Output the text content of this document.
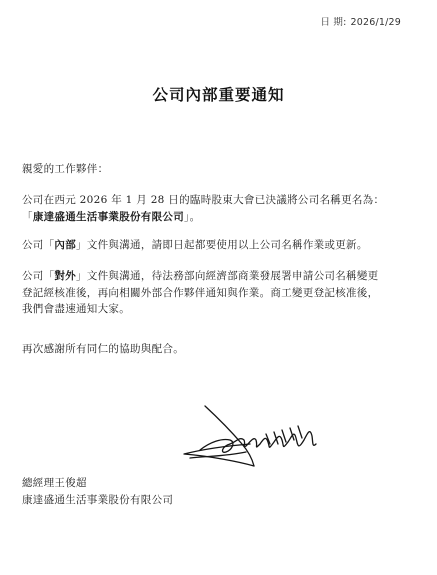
日 期: 2026/1/29
公司內部重要通知
親愛的工作夥伴：
公司在西元 2026 年 1 月 28 日的臨時股東大會已決議將公司名稱更名為：
「康達盛通生活事業股份有限公司」。
公司「內部」文件與溝通，請即日起都要使用以上公司名稱作業或更新。
公司「對外」文件與溝通，待法務部向經濟部商業發展署申請公司名稱變更
登記經核准後，再向相關外部合作夥伴通知與作業。商工變更登記核准後，
我們會盡速通知大家。
再次感謝所有同仁的協助與配合。
總經理王俊超
康達盛通生活事業股份有限公司
